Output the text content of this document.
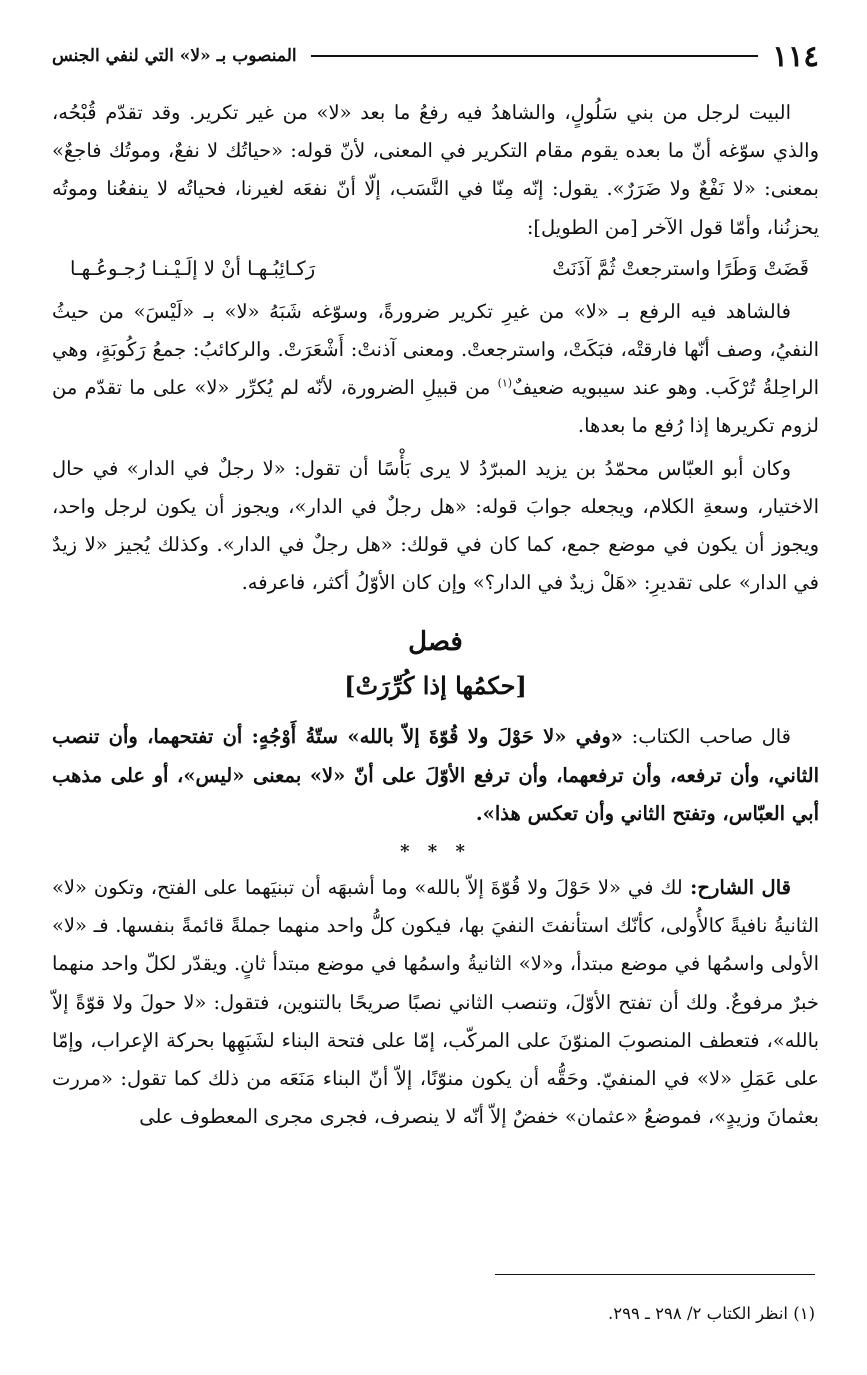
١١٤
المنصوب بـ «لا» التي لنفي الجنس

البيت لرجل من بني سَلُولٍ، والشاهدُ فيه رفعُ ما بعد «لا» من غير تكرير. وقد تقدّم قُبْحُه، والذي سوّغه أنّ ما بعده يقوم مقام التكرير في المعنى، لأنّ قوله: «حياتُك لا نفعٌ، وموتُك فاجعٌ» بمعنى: «لا نَفْعٌ ولا ضَرَرٌ». يقول: إنّه مِنّا في النَّسَب، إلّا أنّ نفعَه لغيرنا، فحياتُه لا ينفعُنا وموتُه يحزنُنا، وأمّا قول الآخر [من الطويل]:

قَضَتْ وَطَرًا واسترجعتْ ثُمَّ آذَنَتْ
رَكـائِبُـهـا أنْ لا إلَـيْـنـا رُجـوعُـهـا

فالشاهد فيه الرفع بـ «لا» من غيرِ تكرير ضرورةً، وسوّغه شَبَهُ «لا» بـ «لَيْسَ» من حيثُ النفيُ، وصف أنّها فارقتْه، فبَكَتْ، واسترجعتْ. ومعنى آذنتْ: أَشْعَرَتْ. والركائبُ: جمعُ رَكُوبَةٍ، وهي الراحِلةُ تُرْكَب. وهو عند سيبويه ضعيفٌ$^{(١)}$ من قبيلِ الضرورة، لأنّه لم يُكرِّر «لا» على ما تقدّم من لزوم تكريرها إذا رُفع ما بعدها.

وكان أبو العبّاس محمّدُ بن يزيد المبرّدُ لا يرى بَأْسًا أن تقول: «لا رجلٌ في الدار» في حال الاختيار، وسعةِ الكلام، ويجعله جوابَ قوله: «هل رجلٌ في الدار»، ويجوز أن يكون لرجل واحد، ويجوز أن يكون في موضع جمع، كما كان في قولك: «هل رجلٌ في الدار». وكذلك يُجيز «لا زيدٌ في الدار» على تقديرِ: «هَلْ زيدٌ في الدار؟» وإن كان الأوّلُ أكثر، فاعرفه.

فصل
[حكمُها إذا كُرِّرَتْ]

قال صاحب الكتاب: «وفي «لا حَوْلَ ولا قُوّةَ إلاّ بالله» ستّةُ أَوْجُهٍ: أن تفتحهما، وأن تنصب الثاني، وأن ترفعه، وأن ترفعهما، وأن ترفع الأوّلَ على أنّ «لا» بمعنى «ليس»، أو على مذهب أبي العبّاس، وتفتح الثاني وأن تعكس هذا».

* * *

قال الشارح: لك في «لا حَوْلَ ولا قُوّةَ إلاّ بالله» وما أشبهَه أن تبنيَهما على الفتح، وتكون «لا» الثانيةُ نافيةً كالأُولى، كأنّك استأنفتَ النفيَ بها، فيكون كلُّ واحد منهما جملةً قائمةً بنفسها. فـ «لا» الأولى واسمُها في موضع مبتدأ، و«لا» الثانيةُ واسمُها في موضع مبتدأ ثانٍ. ويقدّر لكلّ واحد منهما خبرٌ مرفوعٌ. ولك أن تفتح الأوّلَ، وتنصب الثاني نصبًا صريحًا بالتنوين، فتقول: «لا حولَ ولا قوّةً إلاّ بالله»، فتعطف المنصوبَ المنوّنَ على المركّب، إمّا على فتحة البناء لشَبَهِها بحركة الإعراب، وإمّا على عَمَلِ «لا» في المنفيّ. وحَقُّه أن يكون منوّنًا، إلاّ أنّ البناء مَنَعَه من ذلك كما تقول: «مررت بعثمانَ وزيدٍ»، فموضعُ «عثمان» خفضٌ إلاّ أنّه لا ينصرف، فجرى مجرى المعطوف على

(١) انظر الكتاب ٢/ ٢٩٨ ـ ٢٩٩.
